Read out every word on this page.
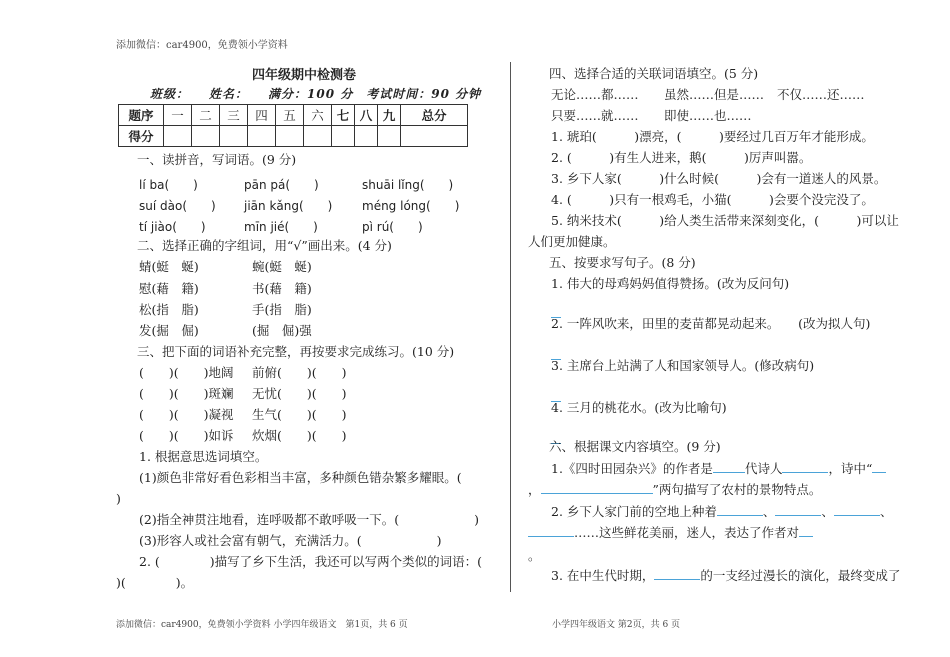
添加微信：car4900，免费领小学资料
四年级期中检测卷
班级：　　姓名：　　满分：100 分　考试时间：90 分钟
题序	一	二	三	四	五	六	七	八	九	总分
得分										
一、读拼音，写词语。(9 分)
lí ba(　　)	pān pá(　　)	shuāi lǐng(　　)
suí dào(　　) jiān kǎng(　　) méng lóng(　　)
tí jiào(　　)	mīn jié(　　)	pì rú(　　)
二、选择正确的字组词，用“√”画出来。(4 分)
蜻(蜓　蜒)	蜿(蜓　蜒)
慰(藉　籍)	书(藉　籍)
松(指　脂)	手(指　脂)
发(掘　倔)	(掘　倔)强
三、把下面的词语补充完整，再按要求完成练习。(10 分)
(　　)(　　)地阔 前俯(　　)(　　)
(　　)(　　)斑斓 无忧(　　)(　　)
(　　)(　　)凝视 生气(　　)(　　)
(　　)(　　)如诉 炊烟(　　)(　　)
1. 根据意思选词填空。
(1)颜色非常好看色彩相当丰富，多种颜色错杂繁多耀眼。(
)
(2)指全神贯注地看，连呼吸都不敢呼吸一下。(　　　　　　)
(3)形容人或社会富有朝气，充满活力。(　　　　　　)
2. (　　　　)描写了乡下生活，我还可以写两个类似的词语：(
)(　　　　)。
四、选择合适的关联词语填空。(5 分)
无论……都…… 虽然……但是…… 不仅……还……
只要……就…… 即使……也……
1. 琥珀(　　　)漂亮，(　　　)要经过几百万年才能形成。
2. (　　　)有生人进来，鹅(　　　)厉声叫嚣。
3. 乡下人家(　　　)什么时候(　　　)会有一道迷人的风景。
4. (　　　)只有一根鸡毛，小猫(　　　)会要个没完没了。
5. 纳米技术(　　　)给人类生活带来深刻变化，(　　　)可以让
人们更加健康。
五、按要求写句子。(8 分)
1. 伟大的母鸡妈妈值得赞扬。(改为反问句)
2. 一阵风吹来，田里的麦苗都晃动起来。　　(改为拟人句)
3. 主席台上站满了人和国家领导人。(修改病句)
4. 三月的桃花水。(改为比喻句)
六、根据课文内容填空。(9 分)
1.《四时田园杂兴》的作者是	代诗人	，诗中“
，	”两句描写了农村的景物特点。
2. 乡下人家门前的空地上种着	、	、	、
……这些鲜花美丽，迷人，表达了作者对
。
3. 在中生代时期，	的一支经过漫长的演化，最终变成了
添加微信：car4900，免费领小学资料 小学四年级语文　第1页，共 6 页	小学四年级语文 第2页，共 6 页
